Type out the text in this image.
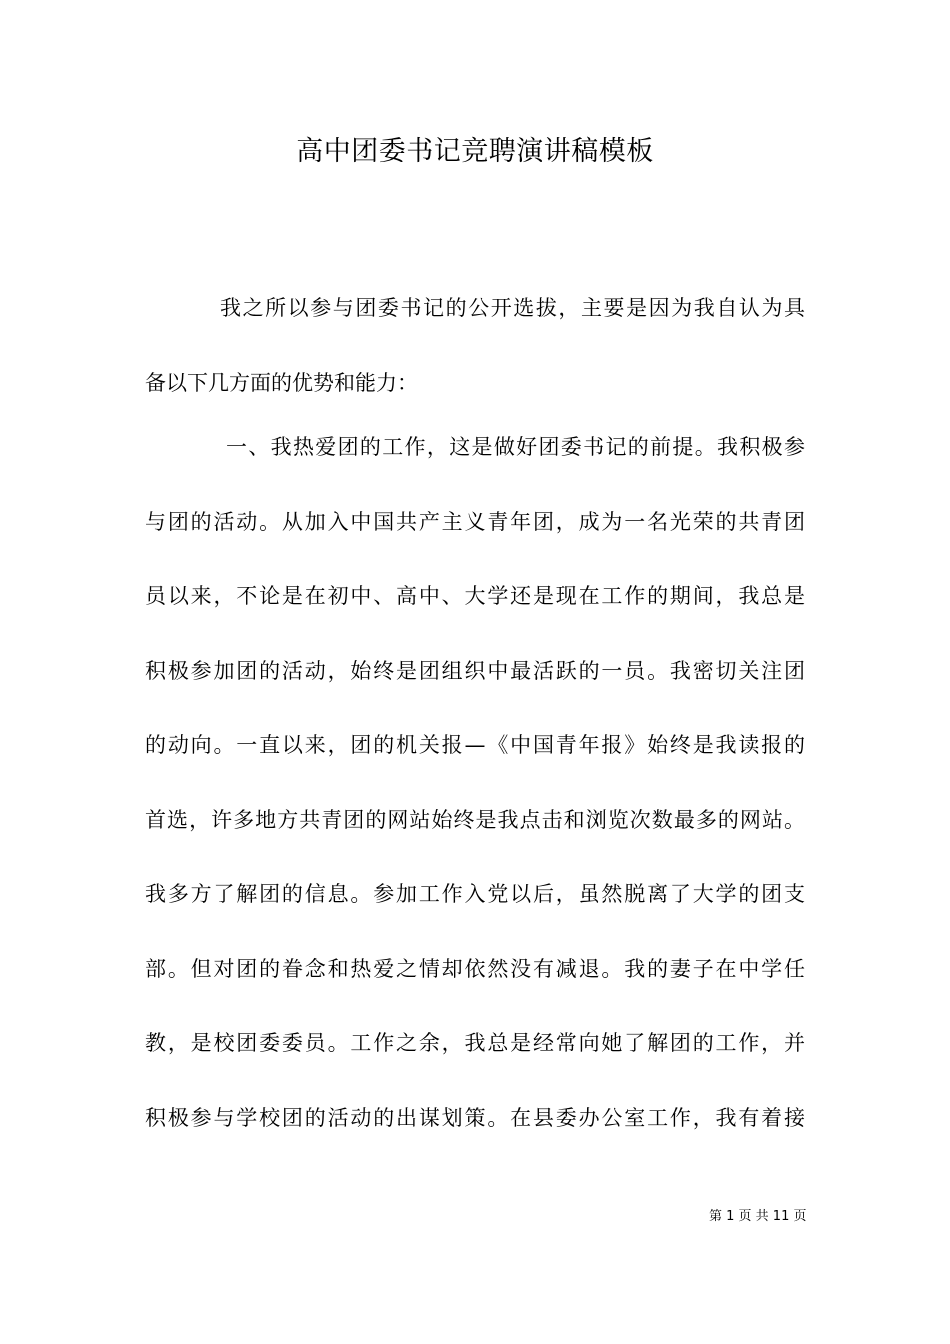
高中团委书记竞聘演讲稿模板
我之所以参与团委书记的公开选拔，主要是因为我自认为具
备以下几方面的优势和能力：
一、我热爱团的工作，这是做好团委书记的前提。我积极参
与团的活动。从加入中国共产主义青年团，成为一名光荣的共青团
员以来，不论是在初中、高中、大学还是现在工作的期间，我总是
积极参加团的活动，始终是团组织中最活跃的一员。我密切关注团
的动向。一直以来，团的机关报—《中国青年报》始终是我读报的
首选，许多地方共青团的网站始终是我点击和浏览次数最多的网站。
我多方了解团的信息。参加工作入党以后，虽然脱离了大学的团支
部。但对团的眷念和热爱之情却依然没有减退。我的妻子在中学任
教，是校团委委员。工作之余，我总是经常向她了解团的工作，并
积极参与学校团的活动的出谋划策。在县委办公室工作，我有着接
第 1 页 共 11 页
